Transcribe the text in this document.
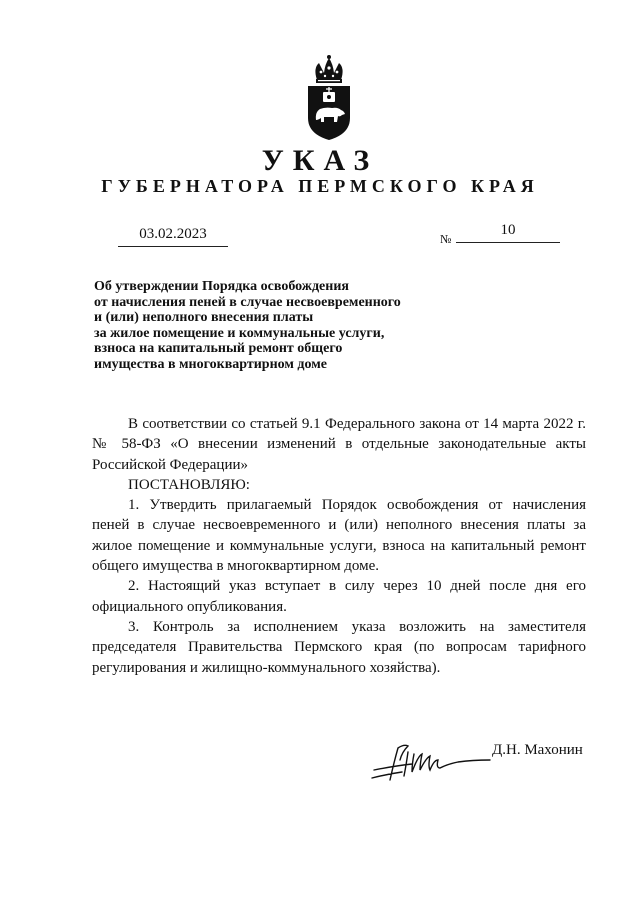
УКАЗ
ГУБЕРНАТОРА ПЕРМСКОГО КРАЯ
03.02.2023	№
10
Об утверждении Порядка освобождения
от начисления пеней в случае несвоевременного
и (или) неполного внесения платы
за жилое помещение и коммунальные услуги,
взноса на капитальный ремонт общего
имущества в многоквартирном доме

В соответствии со статьей 9.1 Федерального закона от 14 марта 2022 г. № 58-ФЗ «О внесении изменений в отдельные законодательные акты Российской Федерации»

ПОСТАНОВЛЯЮ:

1. Утвердить прилагаемый Порядок освобождения от начисления пеней в случае несвоевременного и (или) неполного внесения платы за жилое помещение и коммунальные услуги, взноса на капитальный ремонт общего имущества в многоквартирном доме.

2. Настоящий указ вступает в силу через 10 дней после дня его официального опубликования.

3. Контроль за исполнением указа возложить на заместителя председателя Правительства Пермского края (по вопросам тарифного регулирования и жилищно-коммунального хозяйства).

Д.Н. Махонин
